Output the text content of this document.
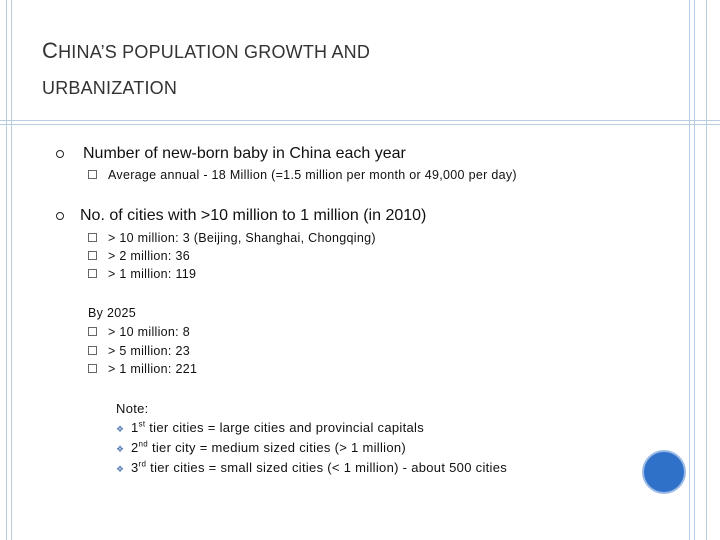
CHINA’S POPULATION GROWTH AND
URBANIZATION
Number of new-born baby in China each year
Average annual - 18 Million (=1.5 million per month or 49,000 per day)
No. of cities with >10 million to 1 million (in 2010)
> 10 million: 3 (Beijing, Shanghai, Chongqing)
> 2 million: 36
> 1 million: 119
By 2025
> 10 million: 8
> 5 million: 23
> 1 million: 221
Note:
❖ 1st tier cities = large cities and provincial capitals
❖ 2nd tier city = medium sized cities (> 1 million)
❖ 3rd tier cities = small sized cities (< 1 million) - about 500 cities
